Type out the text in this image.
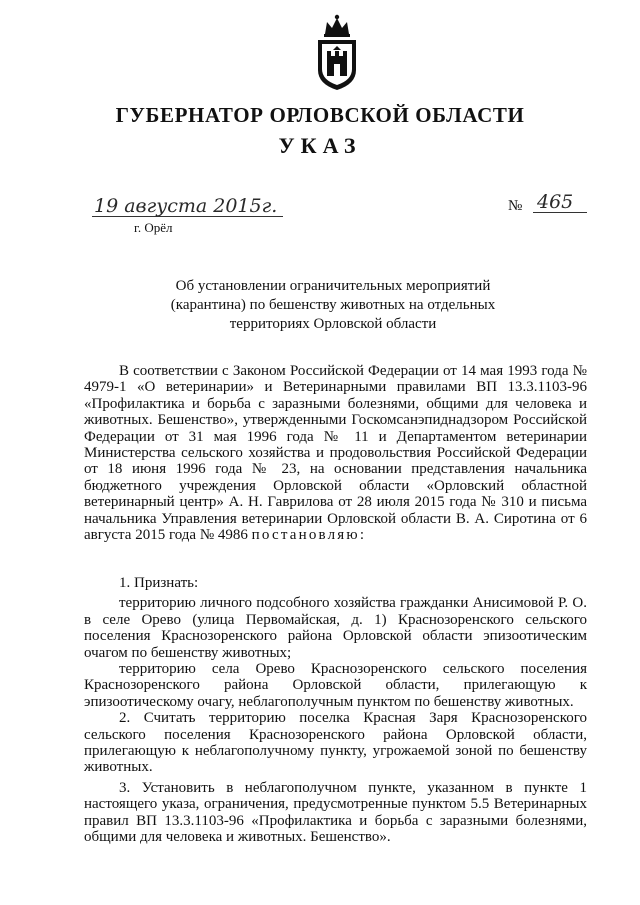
ГУБЕРНАТОР ОРЛОВСКОЙ ОБЛАСТИ
УКАЗ
19 августа 2015г.
г. Орёл
№ 465
Об установлении ограничительных мероприятий (карантина) по бешенству животных на отдельных территориях Орловской области
В соответствии с Законом Российской Федерации от 14 мая 1993 года № 4979-1 «О ветеринарии» и Ветеринарными правилами ВП 13.3.1103-96 «Профилактика и борьба с заразными болезнями, общими для человека и животных. Бешенство», утвержденными Госкомсанэпиднадзором Российской Федерации от 31 мая 1996 года № 11 и Департаментом ветеринарии Министерства сельского хозяйства и продовольствия Российской Федерации от 18 июня 1996 года № 23, на основании представления начальника бюджетного учреждения Орловской области «Орловский областной ветеринарный центр» А. Н. Гаврилова от 28 июля 2015 года № 310 и письма начальника Управления ветеринарии Орловской области В. А. Сиротина от 6 августа 2015 года № 4986 постановляю:

1. Признать:

территорию личного подсобного хозяйства гражданки Анисимовой Р. О. в селе Орево (улица Первомайская, д. 1) Краснозоренского сельского поселения Краснозоренского района Орловской области эпизоотическим очагом по бешенству животных;

территорию села Орево Краснозоренского сельского поселения Краснозоренского района Орловской области, прилегающую к эпизоотическому очагу, неблагополучным пунктом по бешенству животных.

2. Считать территорию поселка Красная Заря Краснозоренского сельского поселения Краснозоренского района Орловской области, прилегающую к неблагополучному пункту, угрожаемой зоной по бешенству животных.

3. Установить в неблагополучном пункте, указанном в пункте 1 настоящего указа, ограничения, предусмотренные пунктом 5.5 Ветеринарных правил ВП 13.3.1103-96 «Профилактика и борьба с заразными болезнями, общими для человека и животных. Бешенство».
